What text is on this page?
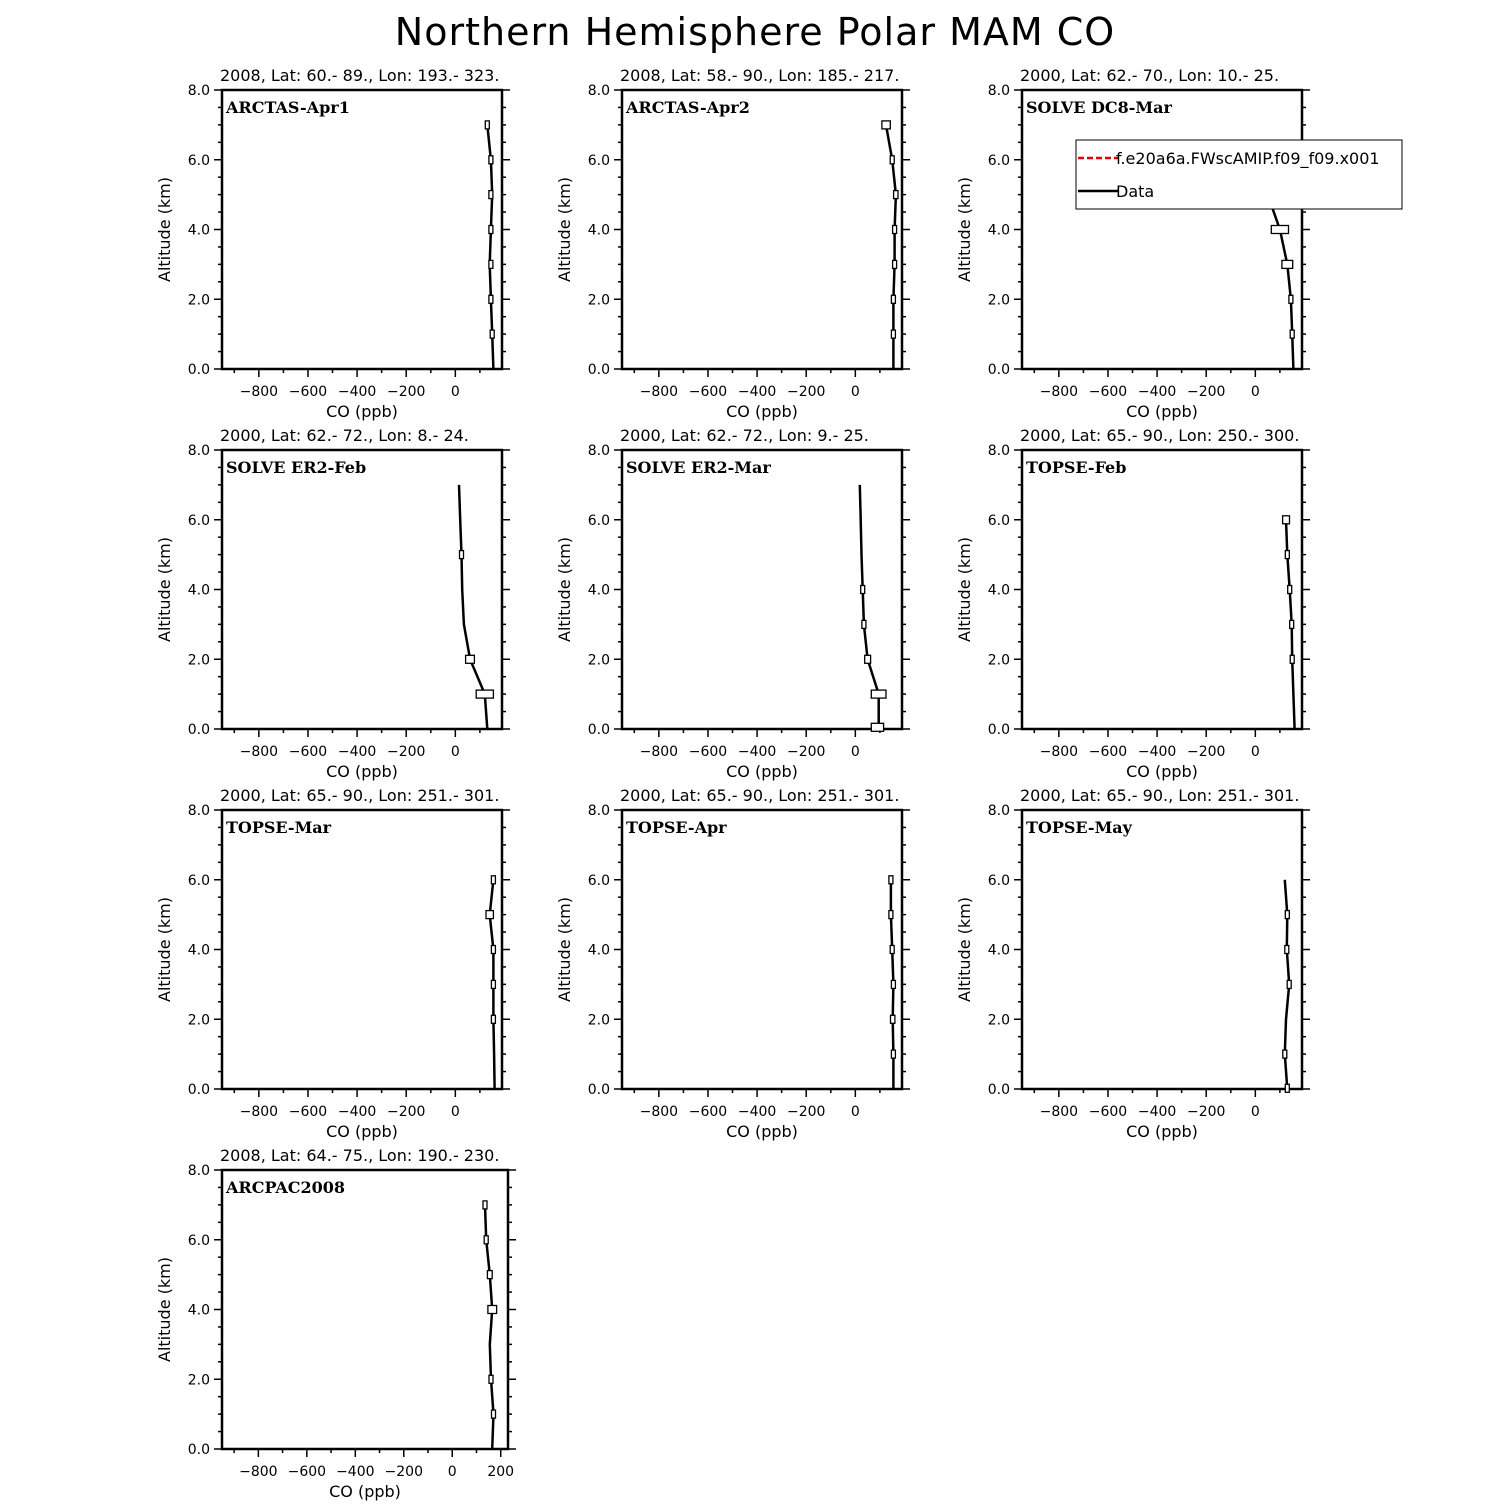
Northern Hemisphere Polar MAM CO
0.0
2.0
4.0
6.0
8.0
−800 −600 −400 −200 0
2008, Lat: 60.- 89., Lon: 193.- 323.
ARCTAS-Apr1
CO (ppb)
Altitude (km)
0.0
2.0
4.0
6.0
8.0
−800 −600 −400 −200 0
2008, Lat: 58.- 90., Lon: 185.- 217.
ARCTAS-Apr2
CO (ppb)
Altitude (km)
0.0
2.0
4.0
6.0
8.0
−800 −600 −400 −200 0
2000, Lat: 62.- 70., Lon: 10.- 25.
SOLVE DC8-Mar
CO (ppb)
Altitude (km)
0.0
2.0
4.0
6.0
8.0
−800 −600 −400 −200 0
2000, Lat: 62.- 72., Lon: 8.- 24.
SOLVE ER2-Feb
CO (ppb)
Altitude (km)
0.0
2.0
4.0
6.0
8.0
−800 −600 −400 −200 0
2000, Lat: 62.- 72., Lon: 9.- 25.
SOLVE ER2-Mar
CO (ppb)
Altitude (km)
0.0
2.0
4.0
6.0
8.0
−800 −600 −400 −200 0
2000, Lat: 65.- 90., Lon: 250.- 300.
TOPSE-Feb
CO (ppb)
Altitude (km)
0.0
2.0
4.0
6.0
8.0
−800 −600 −400 −200 0
2000, Lat: 65.- 90., Lon: 251.- 301.
TOPSE-Mar
CO (ppb)
Altitude (km)
0.0
2.0
4.0
6.0
8.0
−800 −600 −400 −200 0
2000, Lat: 65.- 90., Lon: 251.- 301.
TOPSE-Apr
CO (ppb)
Altitude (km)
0.0
2.0
4.0
6.0
8.0
−800 −600 −400 −200 0
2000, Lat: 65.- 90., Lon: 251.- 301.
TOPSE-May
CO (ppb)
Altitude (km)
0.0
2.0
4.0
6.0
8.0
−800 −600 −400 −200 0 200
2008, Lat: 64.- 75., Lon: 190.- 230.
ARCPAC2008
CO (ppb)
Altitude (km)
f.e20a6a.FWscAMIP.f09_f09.x001
Data
